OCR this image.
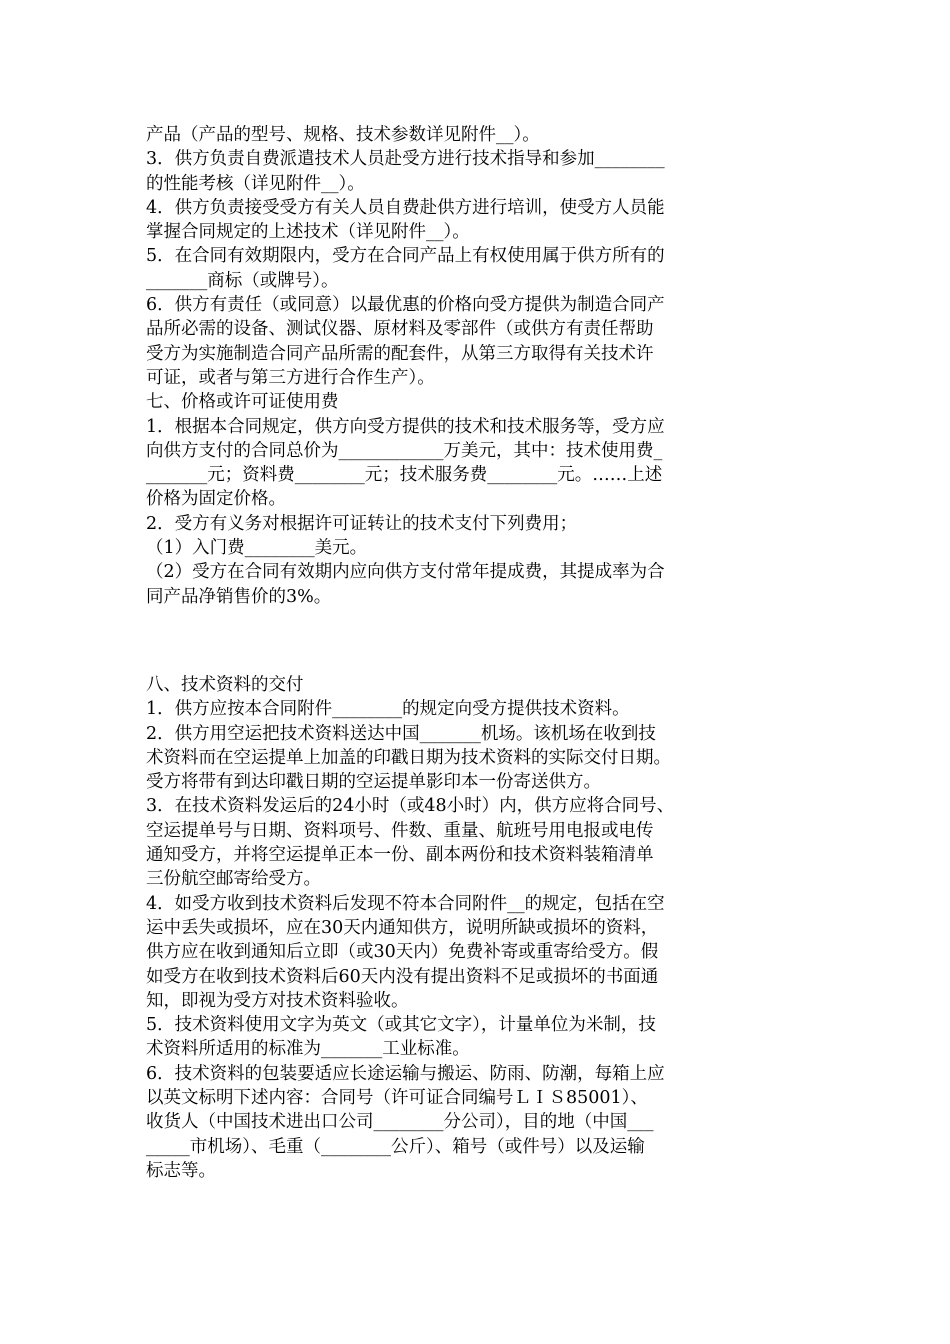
产品（产品的型号、规格、技术参数详见附件__）。
3．供方负责自费派遣技术人员赴受方进行技术指导和参加________
的性能考核（详见附件__）。
4．供方负责接受受方有关人员自费赴供方进行培训，使受方人员能
掌握合同规定的上述技术（详见附件__）。
5．在合同有效期限内，受方在合同产品上有权使用属于供方所有的
_______商标（或牌号）。
6．供方有责任（或同意）以最优惠的价格向受方提供为制造合同产
品所必需的设备、测试仪器、原材料及零部件（或供方有责任帮助
受方为实施制造合同产品所需的配套件，从第三方取得有关技术许
可证，或者与第三方进行合作生产）。
七、价格或许可证使用费
1．根据本合同规定，供方向受方提供的技术和技术服务等，受方应
向供方支付的合同总价为____________万美元，其中：技术使用费_
_______元；资料费________元；技术服务费________元。……上述
价格为固定价格。
2．受方有义务对根据许可证转让的技术支付下列费用；
（1）入门费________美元。
（2）受方在合同有效期内应向供方支付常年提成费，其提成率为合
同产品净销售价的3%。
八、技术资料的交付
1．供方应按本合同附件________的规定向受方提供技术资料。
2．供方用空运把技术资料送达中国_______机场。该机场在收到技
术资料而在空运提单上加盖的印戳日期为技术资料的实际交付日期。
受方将带有到达印戳日期的空运提单影印本一份寄送供方。
3．在技术资料发运后的24小时（或48小时）内，供方应将合同号、
空运提单号与日期、资料项号、件数、重量、航班号用电报或电传
通知受方，并将空运提单正本一份、副本两份和技术资料装箱清单
三份航空邮寄给受方。
4．如受方收到技术资料后发现不符本合同附件__的规定，包括在空
运中丢失或损坏，应在30天内通知供方，说明所缺或损坏的资料，
供方应在收到通知后立即（或30天内）免费补寄或重寄给受方。假
如受方在收到技术资料后60天内没有提出资料不足或损坏的书面通
知，即视为受方对技术资料验收。
5．技术资料使用文字为英文（或其它文字），计量单位为米制，技
术资料所适用的标准为_______工业标准。
6．技术资料的包装要适应长途运输与搬运、防雨、防潮，每箱上应
以英文标明下述内容：合同号（许可证合同编号ＬＩＳ85001）、
收货人（中国技术进出口公司________分公司），目的地（中国___
_____市机场）、毛重（________公斤）、箱号（或件号）以及运输
标志等。
